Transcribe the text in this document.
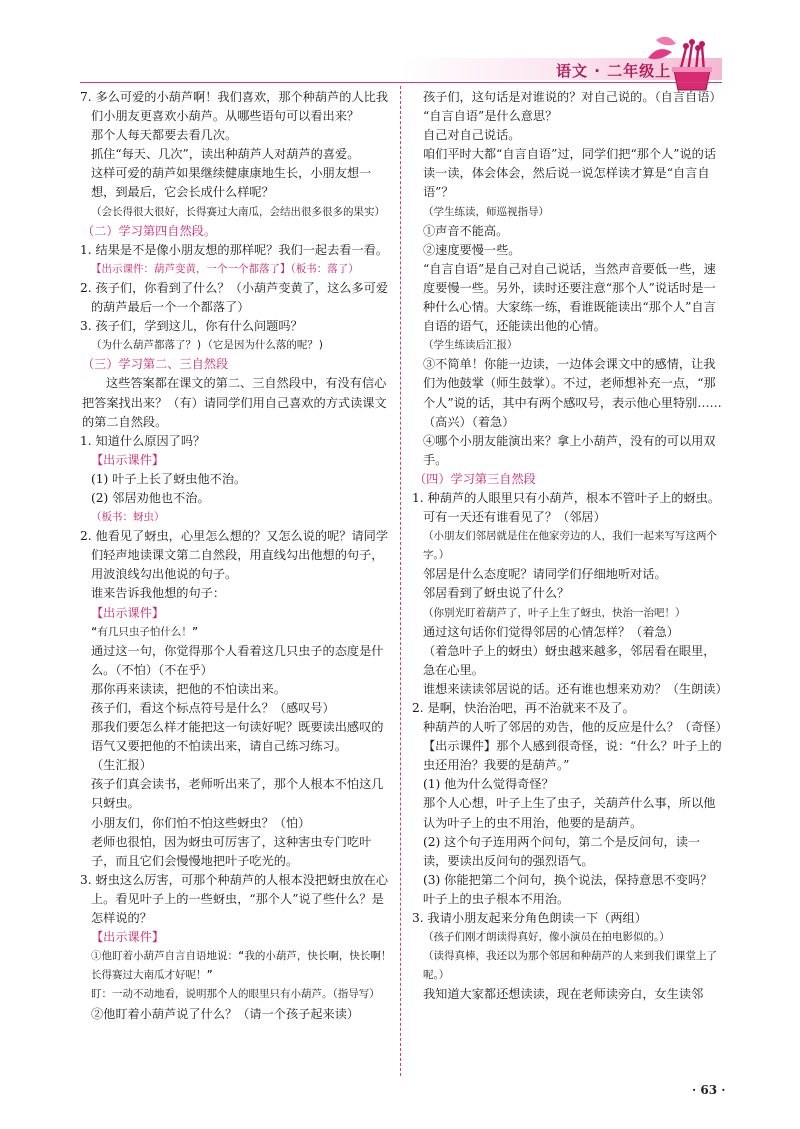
语文 · 二年级上

7. 多么可爱的小葫芦啊！我们喜欢，那个种葫芦的人比我们小朋友更喜欢小葫芦。从哪些语句可以看出来？

那个人每天都要去看几次。

抓住“每天、几次”，读出种葫芦人对葫芦的喜爱。

这样可爱的葫芦如果继续健康康地生长，小朋友想一想，到最后，它会长成什么样呢？

（会长得很大很好，长得赛过大南瓜，会结出很多很多的果实）

（二）学习第四自然段。

1. 结果是不是像小朋友想的那样呢？我们一起去看一看。

【出示课件：葫芦变黄，一个一个都落了】（板书：落了）

2. 孩子们，你看到了什么？（小葫芦变黄了，这么多可爱的葫芦最后一个一个都落了）

3. 孩子们，学到这儿，你有什么问题吗？

（为什么葫芦都落了？)（它是因为什么落的呢？)

（三）学习第二、三自然段

这些答案都在课文的第二、三自然段中，有没有信心把答案找出来？（有）请同学们用自己喜欢的方式读课文的第二自然段。

1. 知道什么原因了吗？

【出示课件】

(1) 叶子上长了蚜虫他不治。

(2) 邻居劝他也不治。

（板书：蚜虫）

2. 他看见了蚜虫，心里怎么想的？又怎么说的呢？请同学们轻声地读课文第二自然段，用直线勾出他想的句子，用波浪线勾出他说的句子。

谁来告诉我他想的句子：

【出示课件】

“有几只虫子怕什么！”

通过这一句，你觉得那个人看着这几只虫子的态度是什么。（不怕）（不在乎）

那你再来读读，把他的不怕读出来。

孩子们，看这个标点符号是什么？（感叹号）

那我们要怎么样才能把这一句读好呢？既要读出感叹的语气又要把他的不怕读出来，请自己练习练习。

（生汇报）

孩子们真会读书，老师听出来了，那个人根本不怕这几只蚜虫。

小朋友们，你们怕不怕这些蚜虫？（怕）

老师也很怕，因为蚜虫可厉害了，这种害虫专门吃叶子，而且它们会慢慢地把叶子吃光的。

3. 蚜虫这么厉害，可那个种葫芦的人根本没把蚜虫放在心上。看见叶子上的一些蚜虫，“那个人”说了些什么？是怎样说的？

【出示课件】

①他盯着小葫芦自言自语地说：“我的小葫芦，快长啊，快长啊！长得赛过大南瓜才好呢！”

盯：一动不动地看，说明那个人的眼里只有小葫芦。（指导写）

②他盯着小葫芦说了什么？（请一个孩子起来读）

孩子们，这句话是对谁说的？对自己说的。（自言自语）

“自言自语”是什么意思？

自己对自己说话。

咱们平时大都“自言自语”过，同学们把“那个人”说的话读一读，体会体会，然后说一说怎样读才算是“自言自语”？

（学生练读，师巡视指导）

①声音不能高。

②速度要慢一些。

“自言自语”是自己对自己说话，当然声音要低一些，速度要慢一些。另外，读时还要注意“那个人”说话时是一种什么心情。大家练一练，看谁既能读出“那个人”自言自语的语气，还能读出他的心情。

（学生练读后汇报）

③不简单！你能一边读，一边体会课文中的感情，让我们为他鼓掌（师生鼓掌）。不过，老师想补充一点，“那个人”说的话，其中有两个感叹号，表示他心里特别……（高兴）（着急）

④哪个小朋友能演出来？拿上小葫芦，没有的可以用双手。

（四）学习第三自然段

1. 种葫芦的人眼里只有小葫芦，根本不管叶子上的蚜虫。可有一天还有谁看见了？（邻居）

（小朋友们邻居就是住在他家旁边的人，我们一起来写写这两个字。）

邻居是什么态度呢？请同学们仔细地听对话。

邻居看到了蚜虫说了什么？

（你别光盯着葫芦了，叶子上生了蚜虫，快治一治吧！）

通过这句话你们觉得邻居的心情怎样？（着急）

（着急叶子上的蚜虫）蚜虫越来越多，邻居看在眼里，急在心里。

谁想来读读邻居说的话。还有谁也想来劝劝？（生朗读）

2. 是啊，快治治吧，再不治就来不及了。

种葫芦的人听了邻居的劝告，他的反应是什么？（奇怪）

【出示课件】那个人感到很奇怪，说：“什么？叶子上的虫还用治？我要的是葫芦。”

(1) 他为什么觉得奇怪？

那个人心想，叶子上生了虫子，关葫芦什么事，所以他认为叶子上的虫不用治，他要的是葫芦。

(2) 这个句子连用两个问句，第二个是反问句，读一读，要读出反问句的强烈语气。

(3) 你能把第二个问句，换个说法，保持意思不变吗？

叶子上的虫子根本不用治。

3. 我请小朋友起来分角色朗读一下（两组）

（孩子们刚才朗读得真好，像小演员在拍电影似的。）

（读得真棒，我还以为那个邻居和种葫芦的人来到我们课堂上了呢。）

我知道大家都还想读读，现在老师读旁白，女生读邻

· 63 ·
